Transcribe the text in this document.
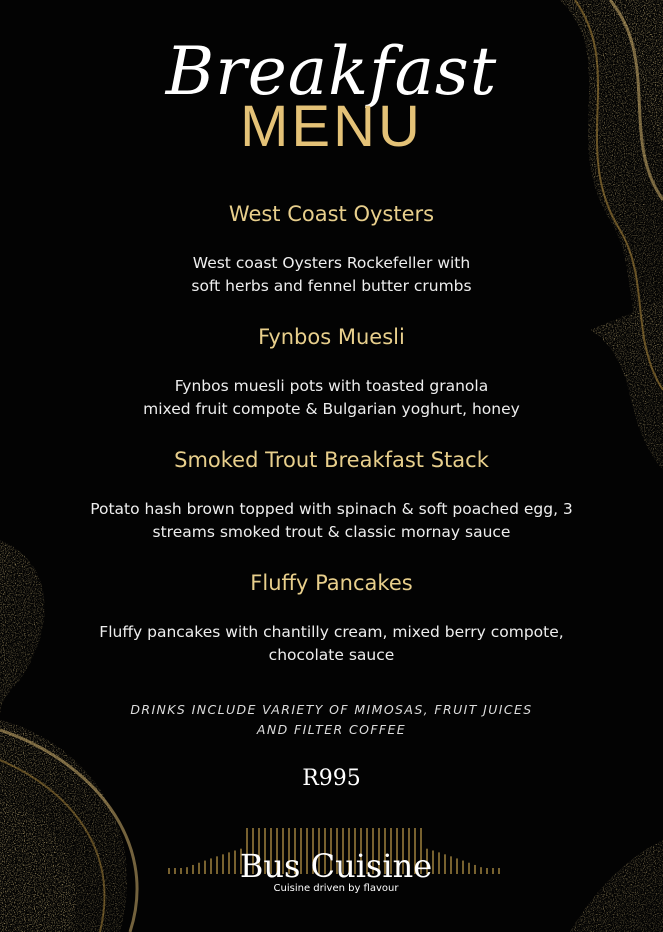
Breakfast
MENU
West Coast Oysters
West coast Oysters Rockefeller with
soft herbs and fennel butter crumbs
Fynbos Muesli
Fynbos muesli pots with toasted granola
mixed fruit compote & Bulgarian yoghurt, honey
Smoked Trout Breakfast Stack
Potato hash brown topped with spinach & soft poached egg, 3
streams smoked trout & classic mornay sauce
Fluffy Pancakes
Fluffy pancakes with chantilly cream, mixed berry compote,
chocolate sauce
DRINKS INCLUDE VARIETY OF MIMOSAS, FRUIT JUICES
AND FILTER COFFEE
R995
Bus Cuisine
Cuisine driven by flavour
